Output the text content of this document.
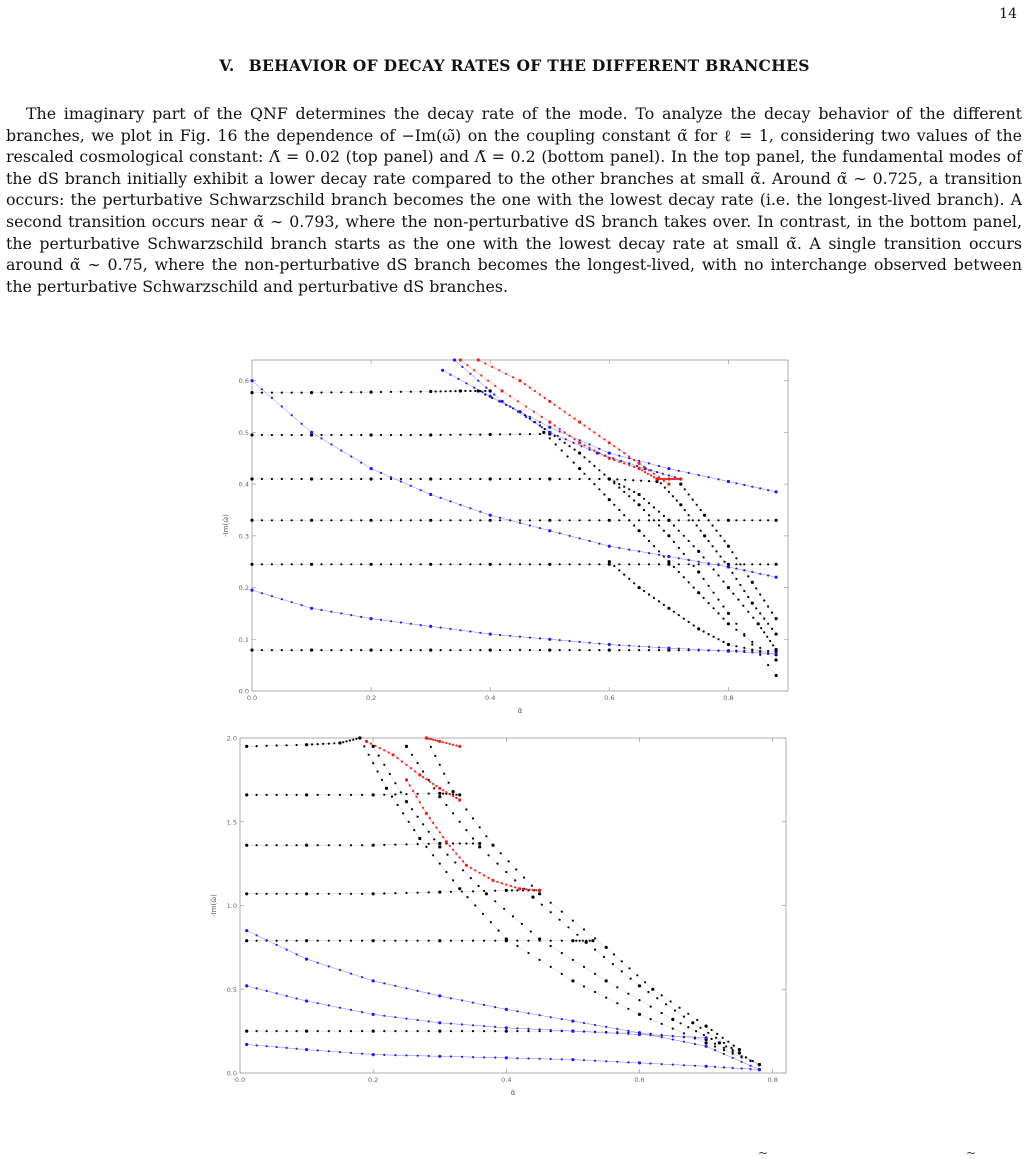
14
V. BEHAVIOR OF DECAY RATES OF THE DIFFERENT BRANCHES

The imaginary part of the QNF determines the decay rate of the mode. To analyze the decay behavior of the different branches, we plot in Fig. 16 the dependence of −Im(ω̃) on the coupling constant α̃ for ℓ = 1, considering two values of the rescaled cosmological constant: Λ̃ = 0.02 (top panel) and Λ̃ = 0.2 (bottom panel). In the top panel, the fundamental modes of the dS branch initially exhibit a lower decay rate compared to the other branches at small α̃. Around α̃ ∼ 0.725, a transition occurs: the perturbative Schwarzschild branch becomes the one with the lowest decay rate (i.e. the longest-lived branch). A second transition occurs near α̃ ∼ 0.793, where the non-perturbative dS branch takes over. In contrast, in the bottom panel, the perturbative Schwarzschild branch starts as the one with the lowest decay rate at small α̃. A single transition occurs around α̃ ∼ 0.75, where the non-perturbative dS branch becomes the longest-lived, with no interchange observed between the perturbative Schwarzschild and perturbative dS branches.

0.0	0.2	0.4	0.6	0.8
0.0
0.1
0.2
0.3
0.4
0.5
0.6
α̃
-Im(ω̃)
0.0	0.2	0.4	0.6	0.8
0.0
0.5
1.0
1.5
2.0
α̃
-Im(ω̃)
~	~
